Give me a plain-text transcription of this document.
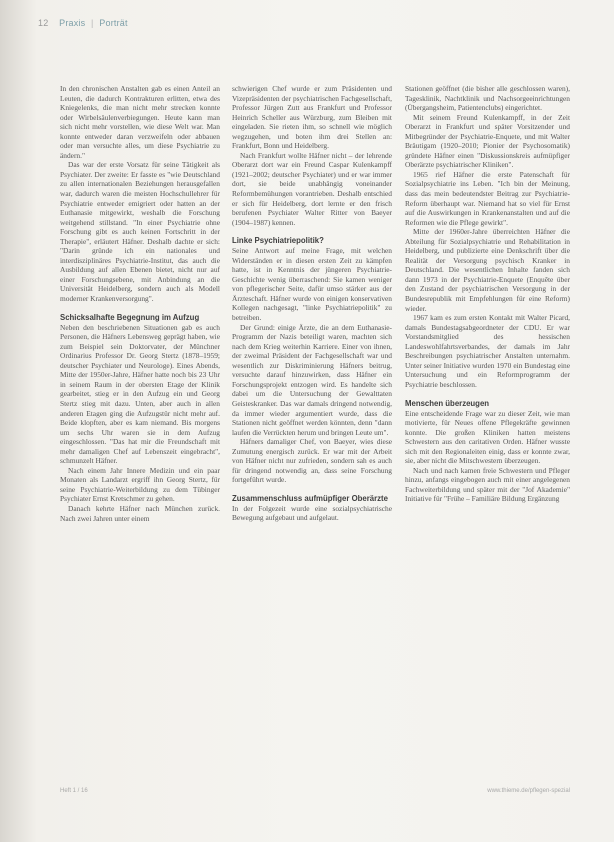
12 Praxis | Porträt

In den chronischen Anstalten gab es einen Anteil an Leuten, die dadurch Kontrakturen erlitten, etwa des Kniegelenks, die man nicht mehr strecken konnte oder Wirbelsäulenverbiegungen. Heute kann man sich nicht mehr vorstellen, wie diese Welt war. Man konnte entweder daran verzweifeln oder abbauen oder man versuchte alles, um diese Psychiatrie zu ändern."

Das war der erste Vorsatz für seine Tätigkeit als Psychiater. Der zweite: Er fasste es "wie Deutschland zu allen internationalen Beziehungen herausgefallen war, dadurch waren die meisten Hochschullehrer für Psychiatrie entweder emigriert oder hatten an der Euthanasie mitgewirkt, weshalb die Forschung weitgehend stillstand. "In einer Psychiatrie ohne Forschung gibt es auch keinen Fortschritt in der Therapie", erläutert Häfner. Deshalb dachte er sich: "Darin gründe ich ein nationales und interdisziplinäres Psychiatrie-Institut, das auch die Ausbildung auf allen Ebenen bietet, nicht nur auf einer Forschungsebene, mit Anbindung an die Universität Heidelberg, sondern auch als Modell moderner Krankenversorgung".

Schicksalhafte Begegnung im Aufzug

Neben den beschriebenen Situationen gab es auch Personen, die Häfners Lebensweg geprägt haben, wie zum Beispiel sein Doktorvater, der Münchner Ordinarius Professor Dr. Georg Stertz (1878–1959; deutscher Psychiater und Neurologe). Eines Abends, Mitte der 1950er-Jahre, Häfner hatte noch bis 23 Uhr in seinem Raum in der obersten Etage der Klinik gearbeitet, stieg er in den Aufzug ein und Georg Stertz stieg mit dazu. Unten, aber auch in allen anderen Etagen ging die Aufzugstür nicht mehr auf. Beide klopften, aber es kam niemand. Bis morgens um sechs Uhr waren sie in dem Aufzug eingeschlossen. "Das hat mir die Freundschaft mit mehr damaligen Chef auf Lebenszeit eingebracht", schmunzelt Häfner.

Nach einem Jahr Innere Medizin und ein paar Monaten als Landarzt ergriff ihn Georg Stertz, für seine Psychiatrie-Weiterbildung zu dem Tübinger Psychiater Ernst Kretschmer zu gehen.

Danach kehrte Häfner nach München zurück. Nach zwei Jahren unter einem

schwierigen Chef wurde er zum Präsidenten und Vizepräsidenten der psychiatrischen Fachgesellschaft, Professor Jürgen Zutt aus Frankfurt und Professor Heinrich Scheller aus Würzburg, zum Bleiben mit eingeladen. Sie rieten ihm, so schnell wie möglich wegzugehen, und boten ihm drei Stellen an: Frankfurt, Bonn und Heidelberg.

Nach Frankfurt wollte Häfner nicht – der lehrende Oberarzt dort war ein Freund Caspar Kulenkampff (1921–2002; deutscher Psychiater) und er war immer dort, sie beide unabhängig voneinander Reformbemühungen vorantrieben. Deshalb entschied er sich für Heidelberg, dort lernte er den frisch berufenen Psychiater Walter Ritter von Baeyer (1904–1987) kennen.

Linke Psychiatriepolitik?

Seine Antwort auf meine Frage, mit welchen Widerständen er in diesen ersten Zeit zu kämpfen hatte, ist in Kenntnis der jüngeren Psychiatrie-Geschichte wenig überraschend: Sie kamen weniger von pflegerischer Seite, dafür umso stärker aus der Ärzteschaft. Häfner wurde von einigen konservativen Kollegen nachgesagt, "linke Psychiatriepolitik" zu betreiben.

Der Grund: einige Ärzte, die an dem Euthanasie-Programm der Nazis beteiligt waren, machten sich nach dem Krieg weiterhin Karriere. Einer von ihnen, der zweimal Präsident der Fachgesellschaft war und wesentlich zur Diskriminierung Häfners beitrug, versuchte darauf hinzuwirken, dass Häfner ein Forschungsprojekt entzogen wird. Es handelte sich dabei um die Untersuchung der Gewalttaten Geisteskranker. Das war damals dringend notwendig, da immer wieder argumentiert wurde, dass die Stationen nicht geöffnet werden könnten, denn "dann laufen die Verrückten herum und bringen Leute um".

Häfners damaliger Chef, von Baeyer, wies diese Zumutung energisch zurück. Er war mit der Arbeit von Häfner nicht nur zufrieden, sondern sah es auch für dringend notwendig an, dass seine Forschung fortgeführt wurde.

Zusammenschluss aufmüpfiger Oberärzte

In der Folgezeit wurde eine sozialpsychiatrische Bewegung aufgebaut und aufgelaut.

Stationen geöffnet (die bisher alle geschlossen waren), Tagesklinik, Nachtklinik und Nachsorgeeinrichtungen (Übergangsheim, Patientenclubs) eingerichtet.

Mit seinem Freund Kulenkampff, in der Zeit Oberarzt in Frankfurt und später Vorsitzender und Mitbegründer der Psychiatrie-Enquete, und mit Walter Bräutigam (1920–2010; Pionier der Psychosomatik) gründete Häfner einen "Diskussionskreis aufmüpfiger Oberärzte psychiatrischer Kliniken".

1965 rief Häfner die erste Patenschaft für Sozialpsychiatrie ins Leben. "Ich bin der Meinung, dass das mein bedeutendster Beitrag zur Psychiatrie-Reform überhaupt war. Niemand hat so viel für Ernst auf die Auswirkungen in Krankenanstalten und auf die Reformen wie die Pflege gewirkt".

Mitte der 1960er-Jahre überreichten Häfner die Abteilung für Sozialpsychiatrie und Rehabilitation in Heidelberg, und publizierte eine Denkschrift über die Realität der Versorgung psychisch Kranker in Deutschland. Die wesentlichen Inhalte fanden sich dann 1973 in der Psychiatrie-Enquete (Enquête über den Zustand der psychiatrischen Versorgung in der Bundesrepublik mit Empfehlungen für eine Reform) wieder.

1967 kam es zum ersten Kontakt mit Walter Picard, damals Bundestagsabgeordneter der CDU. Er war Vorstandsmitglied des hessischen Landeswohlfahrtsverbandes, der damals im Jahr Beschreibungen psychiatrischer Anstalten unternahm. Unter seiner Initiative wurden 1970 ein Bundestag eine Untersuchung und ein Reformprogramm der Psychiatrie beschlossen.

Menschen überzeugen

Eine entscheidende Frage war zu dieser Zeit, wie man motivierte, für Neues offene Pflegekräfte gewinnen konnte. Die großen Kliniken hatten meistens Schwestern aus den caritativen Orden. Häfner wusste sich mit den Regionaleiten einig, dass er konnte zwar, sie, aber nicht die Mitschwestern überzeugen.

Nach und nach kamen freie Schwestern und Pfleger hinzu, anfangs eingebogen auch mit einer angelegenen Fachweiterbildung und später mit der "Jof Akademie" Initiative für "Frühe – Familiäre Bildung Ergänzung

Heft 1 / 16	www.thieme.de/pflegen-spezial
